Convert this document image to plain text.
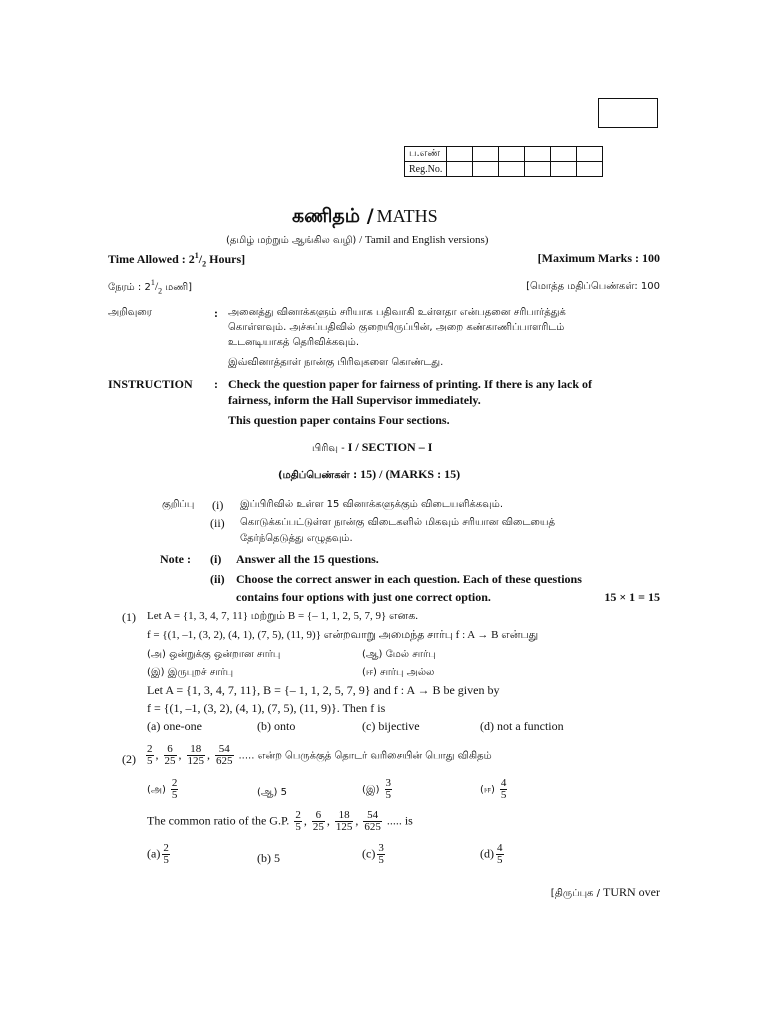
ப.எண்						
Reg.No.						
கணிதம் / MATHS
(தமிழ் மற்றும் ஆங்கில வழி) / Tamil and English versions)
Time Allowed : $2^1/_2$ Hours]	[Maximum Marks : 100
நேரம் : $2^1/_2$ மணி]	[மொத்த மதிப்பெண்கள்: 100
அறிவுரை	: அனைத்து வினாக்களும் சரியாக பதிவாகி உள்ளதா என்பதனை சரிபார்த்துக்
கொள்ளவும். அச்சுப்பதிவில் குறையிருப்பின், அறை கண்காணிப்பாளரிடம்
உடனடியாகத் தெரிவிக்கவும்.
இவ்வினாத்தாள் நான்கு பிரிவுகளை கொண்டது.
INSTRUCTION : Check the question paper for fairness of printing. If there is any lack of
fairness, inform the Hall Supervisor immediately.
This question paper contains Four sections.
பிரிவு - I / SECTION – I
(மதிப்பெண்கள் : 15) / (MARKS : 15)
குறிப்பு (i) இப்பிரிவில் உள்ள 15 வினாக்களுக்கும் விடையளிக்கவும்.
(ii) கொடுக்கப்பட்டுள்ள நான்கு விடைகளில் மிகவும் சரியான விடையைத்
தேர்ந்தெடுத்து எழுதவும்.
Note : (i) Answer all the 15 questions.
(ii) Choose the correct answer in each question. Each of these questions
contains four options with just one correct option.	15 × 1 = 15
(1) Let A = {1, 3, 4, 7, 11} மற்றும் B = {– 1, 1, 2, 5, 7, 9} எனக.
f = {(1, –1, (3, 2), (4, 1), (7, 5), (11, 9)} என்றவாறு அமைந்த சார்பு f : A → B என்பது
(அ) ஒன்றுக்கு ஒன்றான சார்பு	(ஆ) மேல் சார்பு
(இ) இருபுறச் சார்பு	(ஈ) சார்பு அல்ல
Let A = {1, 3, 4, 7, 11}, B = {– 1, 1, 2, 5, 7, 9} and f : A → B be given by
f = {(1, –1, (3, 2), (4, 1), (7, 5), (11, 9)}. Then f is
(a) one-one	(b) onto	(c) bijective	(d) not a function
$(2) \frac{2}{5}$ , $\frac{6}{25}$ , $\frac{18}{125}$ , $\frac{54}{625}$ ..... என்ற பெருக்குத் தொடர் வரிசையின் பொது விகிதம்
(அ) $\frac{2}{5}$	(ஆ) 5	(இ) $\frac{3}{5}$	(ஈ) $\frac{4}{5}$
The common ratio of the G.P. $\frac{2}{5}$ , $\frac{6}{25}$ , $\frac{18}{125}$ , $\frac{54}{625}$ ..... is
$(a) \frac{2}{5}$	(b) 5	$(c) \frac{3}{5}$	$(d) \frac{4}{5}$
[திருப்புக / TURN over
